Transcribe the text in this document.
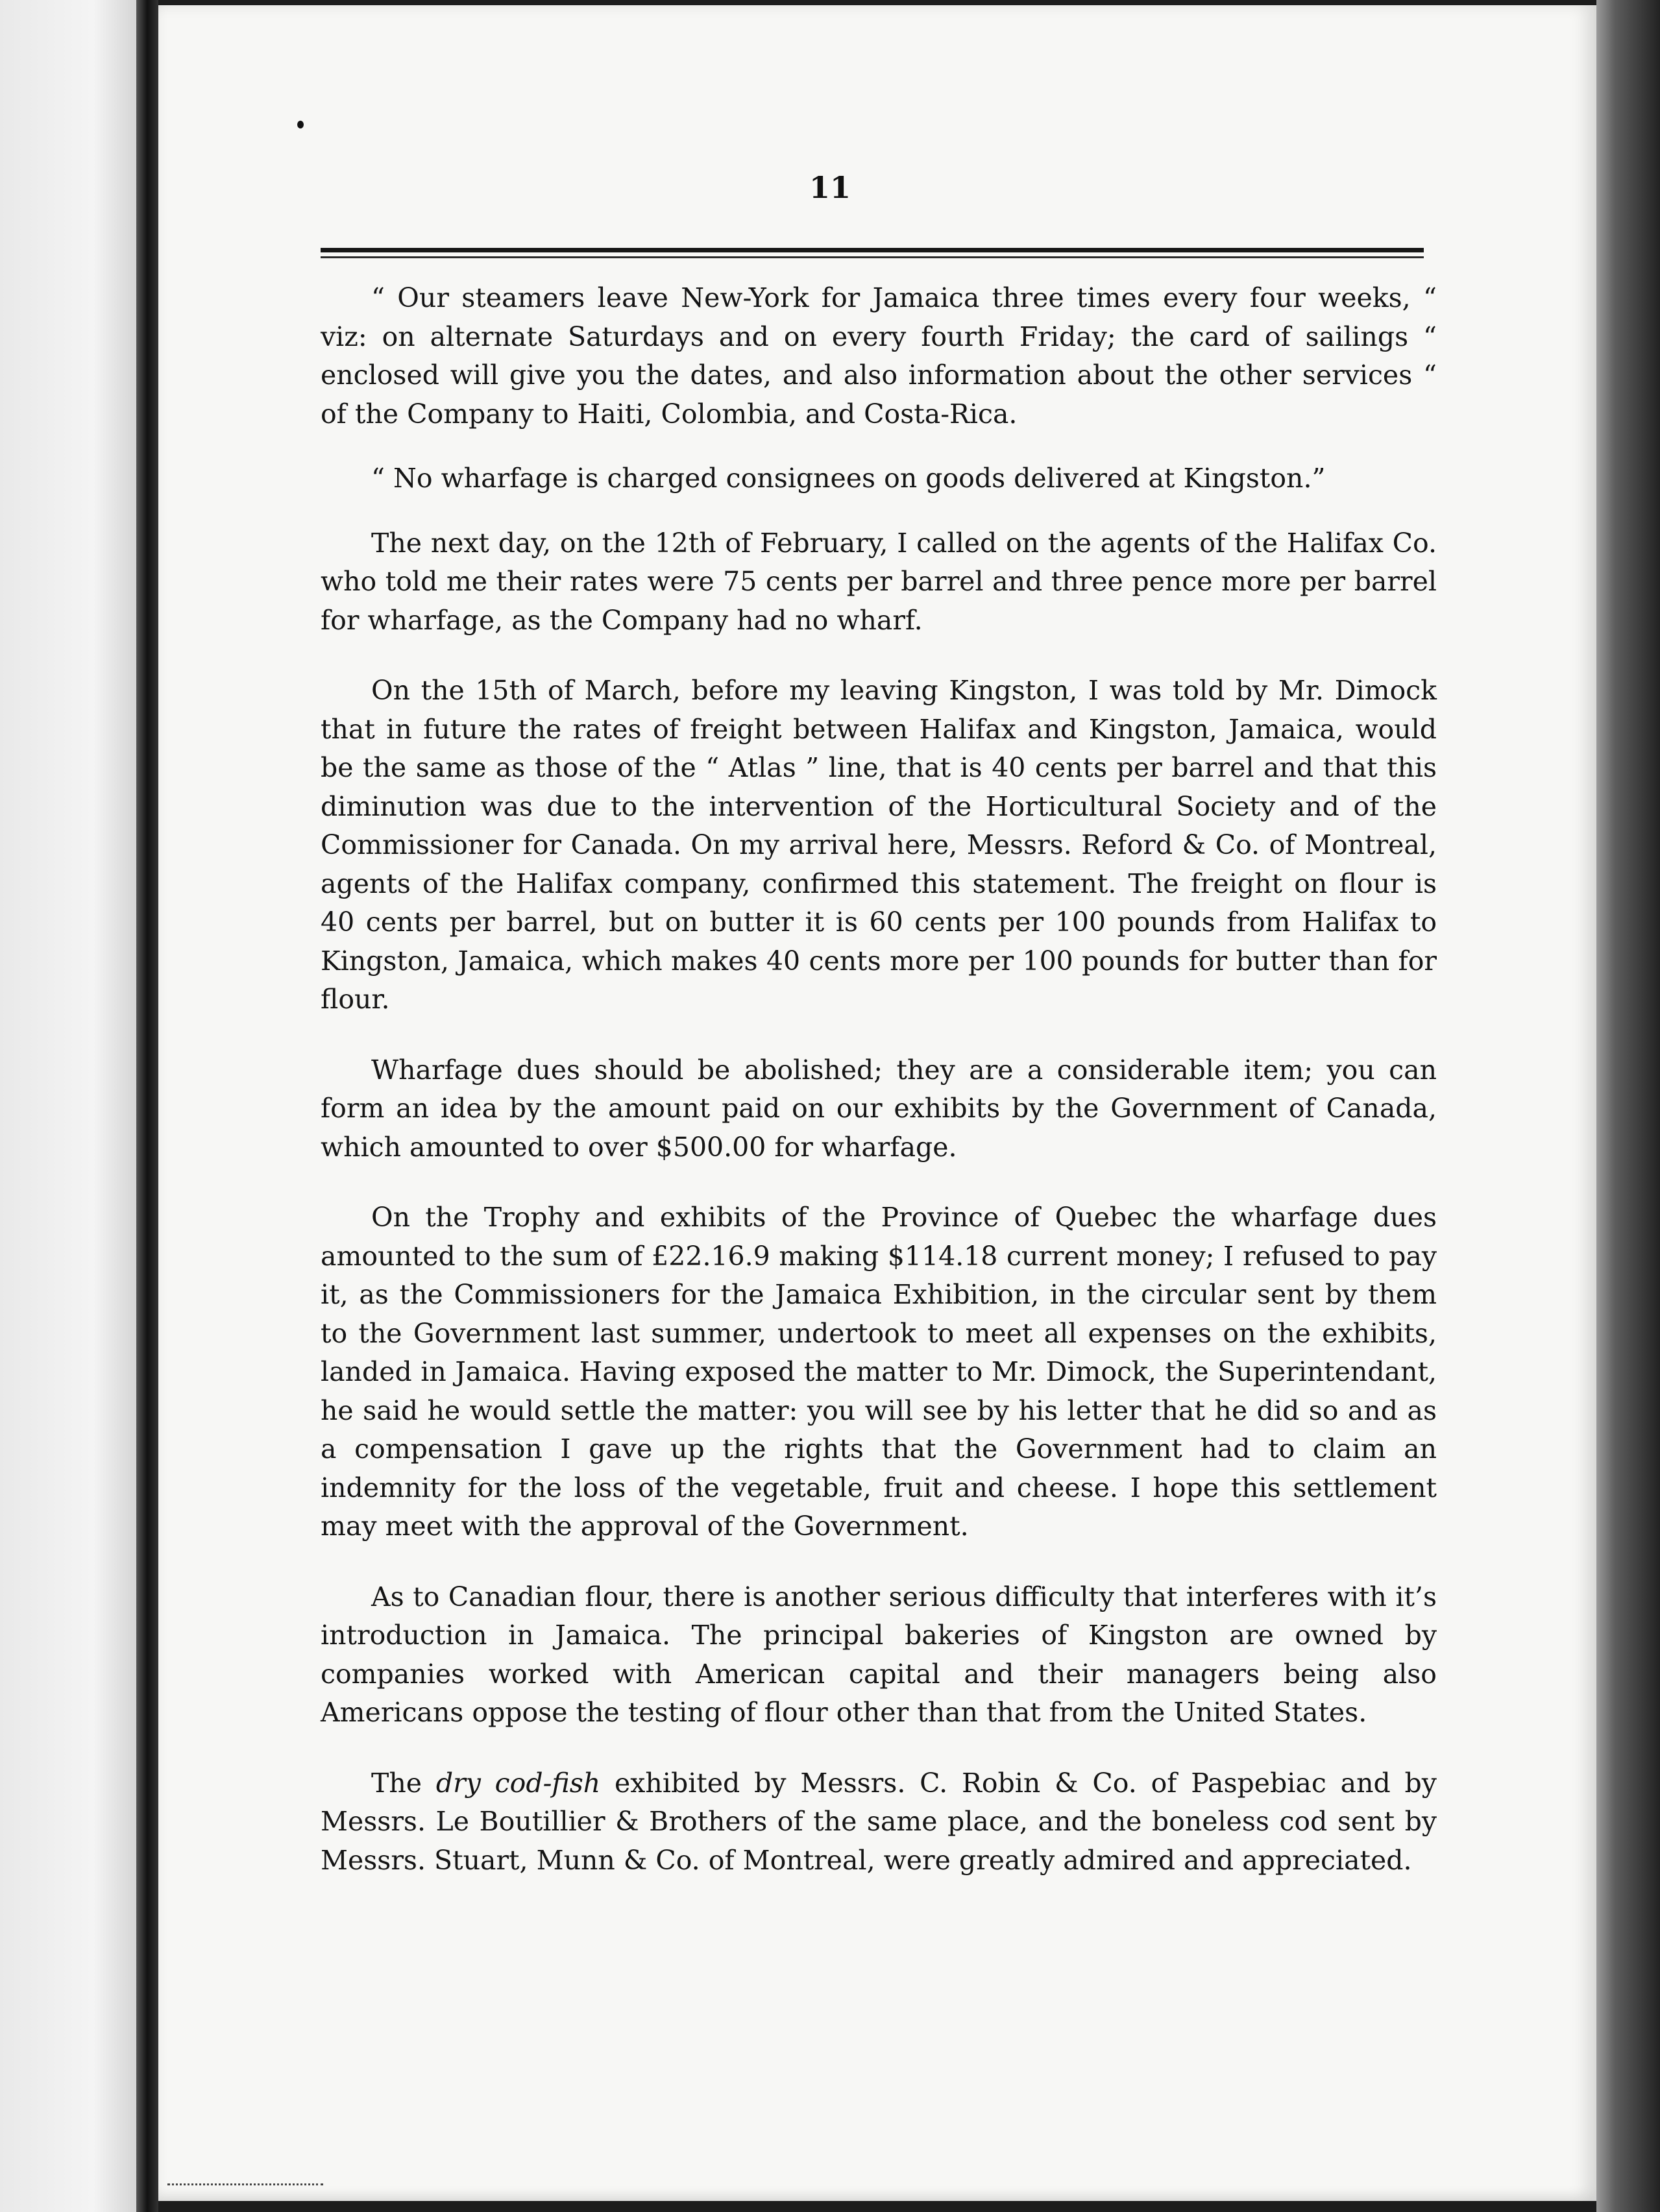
11

“ Our steamers leave New-York for Jamaica three times every four weeks, “ viz: on alternate Saturdays and on every fourth Friday; the card of sailings “ enclosed will give you the dates, and also information about the other services “ of the Company to Haiti, Colombia, and Costa-Rica.

“ No wharfage is charged consignees on goods delivered at Kingston.”

The next day, on the 12th of February, I called on the agents of the Halifax Co. who told me their rates were 75 cents per barrel and three pence more per barrel for wharfage, as the Company had no wharf.

On the 15th of March, before my leaving Kingston, I was told by Mr. Dimock that in future the rates of freight between Halifax and Kingston, Jamaica, would be the same as those of the “ Atlas ” line, that is 40 cents per barrel and that this diminution was due to the intervention of the Horticultural Society and of the Commissioner for Canada. On my arrival here, Messrs. Reford & Co. of Montreal, agents of the Halifax company, confirmed this statement. The freight on flour is 40 cents per barrel, but on butter it is 60 cents per 100 pounds from Halifax to Kingston, Jamaica, which makes 40 cents more per 100 pounds for butter than for flour.

Wharfage dues should be abolished; they are a considerable item; you can form an idea by the amount paid on our exhibits by the Government of Canada, which amounted to over $500.00 for wharfage.

On the Trophy and exhibits of the Province of Quebec the wharfage dues amounted to the sum of £22.16.9 making $114.18 current money; I refused to pay it, as the Commissioners for the Jamaica Exhibition, in the circular sent by them to the Government last summer, undertook to meet all expenses on the exhibits, landed in Jamaica. Having exposed the matter to Mr. Dimock, the Superintendant, he said he would settle the matter: you will see by his letter that he did so and as a compensation I gave up the rights that the Government had to claim an indemnity for the loss of the vegetable, fruit and cheese. I hope this settlement may meet with the approval of the Government.

As to Canadian flour, there is another serious difficulty that interferes with it’s introduction in Jamaica. The principal bakeries of Kingston are owned by companies worked with American capital and their managers being also Americans oppose the testing of flour other than that from the United States.

The dry cod-fish exhibited by Messrs. C. Robin & Co. of Paspebiac and by Messrs. Le Boutillier & Brothers of the same place, and the boneless cod sent by Messrs. Stuart, Munn & Co. of Montreal, were greatly admired and appreciated.
